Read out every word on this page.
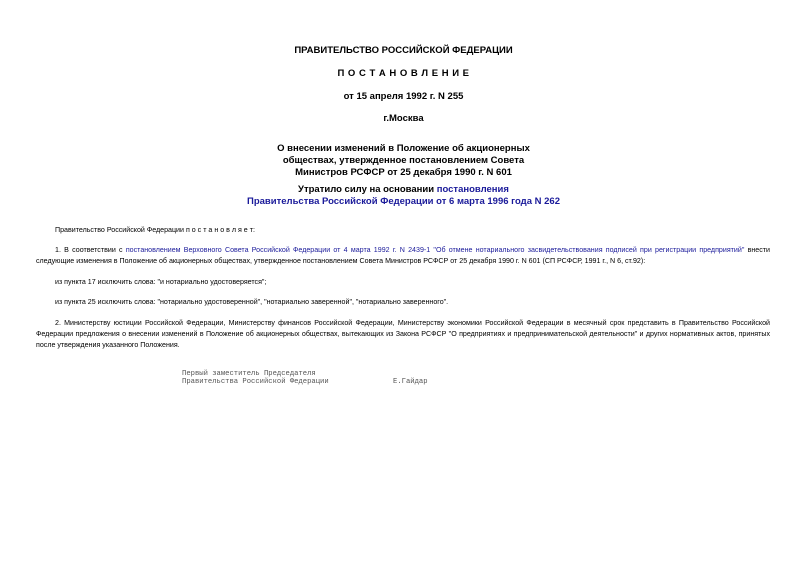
ПРАВИТЕЛЬСТВО РОССИЙСКОЙ ФЕДЕРАЦИИ
П О С Т А Н О В Л Е Н И Е
от 15 апреля 1992 г. N 255
г.Москва
О внесении изменений в Положение об акционерных
обществах, утвержденное постановлением Совета
Министров РСФСР от 25 декабря 1990 г. N 601
Утратило силу на основании постановления
Правительства Российской Федерации от 6 марта 1996 года N 262
Правительство Российской Федерации п о с т а н о в л я е т:
1. В соответствии с постановлением Верховного Совета Российской Федерации от 4 марта 1992 г. N 2439-1 "Об отмене нотариального засвидетельствования подписей при регистрации предприятий" внести следующие изменения в Положение об акционерных обществах, утвержденное постановлением Совета Министров РСФСР от 25 декабря 1990 г. N 601 (СП РСФСР, 1991 г., N 6, ст.92):
из пункта 17 исключить слова: "и нотариально удостоверяется";
из пункта 25 исключить слова: "нотариально удостоверенной", "нотариально заверенной", "нотариально заверенного".
2. Министерству юстиции Российской Федерации, Министерству финансов Российской Федерации, Министерству экономики Российской Федерации в месячный срок представить в Правительство Российской Федерации предложения о внесении изменений в Положение об акционерных обществах, вытекающих из Закона РСФСР "О предприятиях и предпринимательской деятельности" и других нормативных актов, принятых после утверждения указанного Положения.
Первый заместитель Председателя
Правительства Российской Федерации	Е.Гайдар
